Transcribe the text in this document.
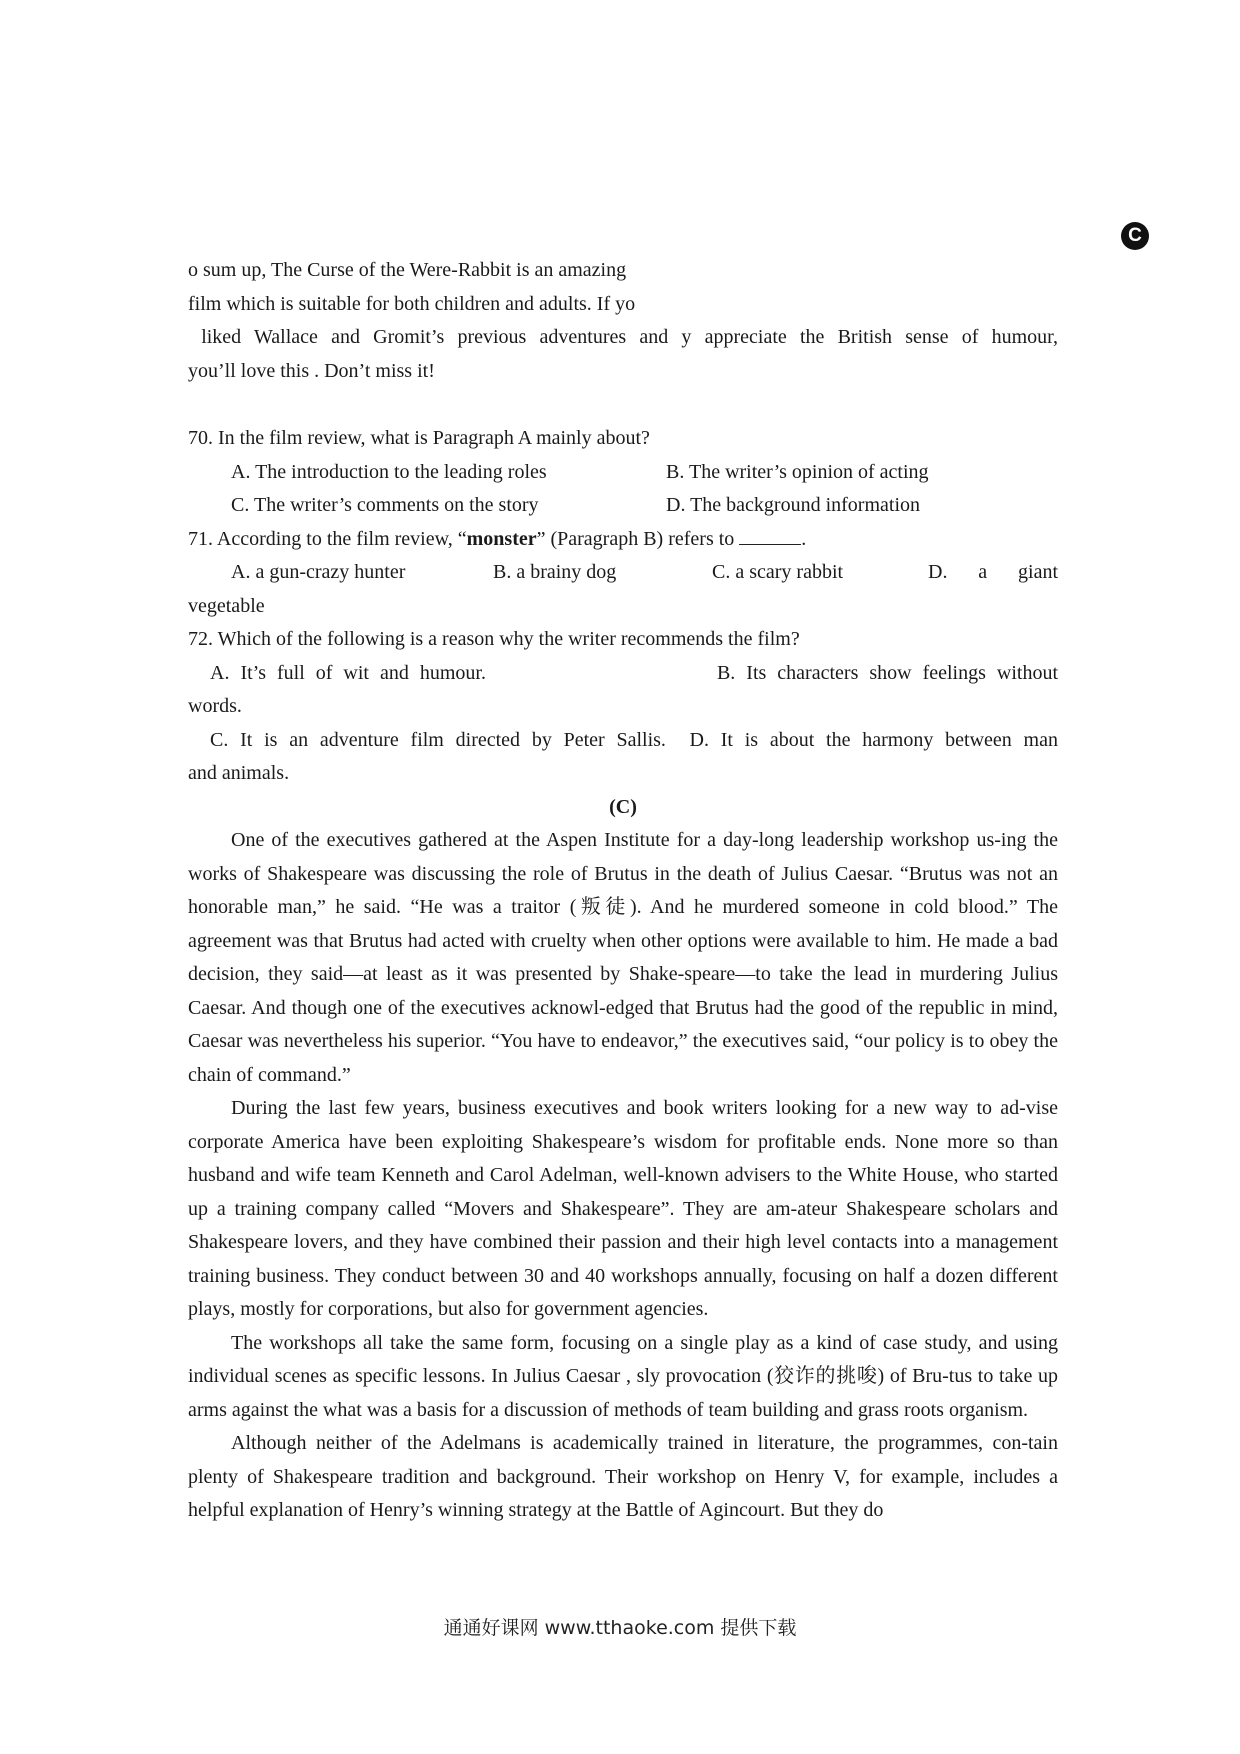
C
o sum up, The Curse of the Were-Rabbit is an amazing
film which is suitable for both children and adults. If yo
liked Wallace and Gromit’s previous adventures and y appreciate the British sense of humour,
you’ll love this . Don’t miss it!
70. In the film review, what is Paragraph A mainly about?
A. The introduction to the leading roles	B. The writer’s opinion of acting
C. The writer’s comments on the story	D. The background information
71. According to the film review, “monster” (Paragraph B) refers to	.
A. a gun-crazy hunter	B. a brainy dog	C. a scary rabbit	D. a giant
vegetable
72. Which of the following is a reason why the writer recommends the film?
A. It’s full of wit and humour.                     B. Its characters show feelings without
words.
C. It is an adventure film directed by Peter Sallis.  D. It is about the harmony between man
and animals.
(C)

One of the executives gathered at the Aspen Institute for a day-long leadership workshop us-ing the works of Shakespeare was discussing the role of Brutus in the death of Julius Caesar. “Brutus was not an honorable man,” he said. “He was a traitor (叛徒). And he murdered someone in cold blood.” The agreement was that Brutus had acted with cruelty when other options were available to him. He made a bad decision, they said—at least as it was presented by Shake-speare—to take the lead in murdering Julius Caesar. And though one of the executives acknowl-edged that Brutus had the good of the republic in mind, Caesar was nevertheless his superior. “You have to endeavor,” the executives said, “our policy is to obey the chain of command.”

During the last few years, business executives and book writers looking for a new way to ad-vise corporate America have been exploiting Shakespeare’s wisdom for profitable ends. None more so than husband and wife team Kenneth and Carol Adelman, well-known advisers to the White House, who started up a training company called “Movers and Shakespeare”. They are am-ateur Shakespeare scholars and Shakespeare lovers, and they have combined their passion and their high level contacts into a management training business. They conduct between 30 and 40 workshops annually, focusing on half a dozen different plays, mostly for corporations, but also for government agencies.

The workshops all take the same form, focusing on a single play as a kind of case study, and using individual scenes as specific lessons. In Julius Caesar , sly provocation (狡诈的挑唆) of Bru-tus to take up arms against the what was a basis for a discussion of methods of team building and grass roots organism.

Although neither of the Adelmans is academically trained in literature, the programmes, con-tain plenty of Shakespeare tradition and background. Their workshop on Henry V, for example, includes a helpful explanation of Henry’s winning strategy at the Battle of Agincourt. But they do

通通好课网 www.tthaoke.com 提供下载
